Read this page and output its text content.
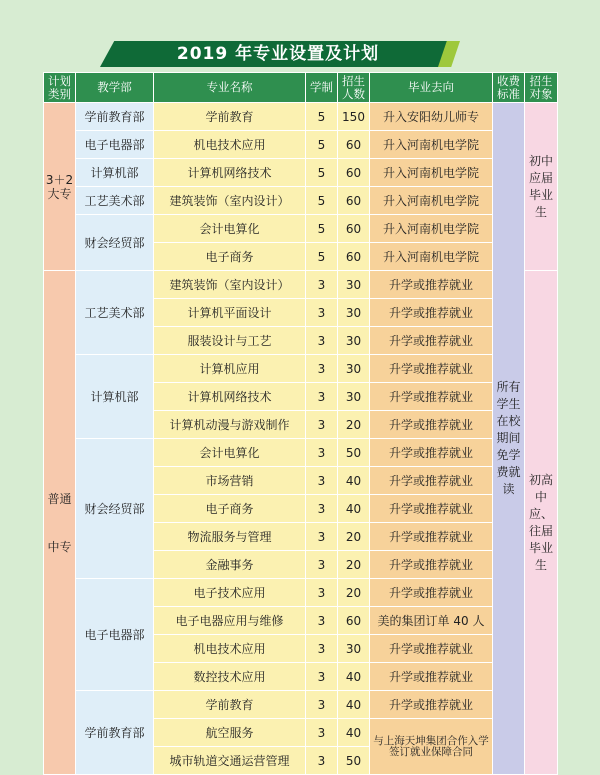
2019 年专业设置及计划
计划类别	教学部	专业名称	学制	招生人数	毕业去向	收费标准	招生对象
3＋2大专	学前教育部	学前教育	5	150	升入安阳幼儿师专	所有学生在校期间免学费就读	初中应届毕业生
	电子电器部	机电技术应用	5	60	升入河南机电学院		
	计算机部	计算机网络技术	5	60	升入河南机电学院		
	工艺美术部	建筑装饰（室内设计）	5	60	升入河南机电学院		
	财会经贸部	会计电算化	5	60	升入河南机电学院		
		电子商务	5	60	升入河南机电学院		
普通中专	工艺美术部	建筑装饰（室内设计）	3	30	升学或推荐就业		初高中应、往届毕业生
		计算机平面设计	3	30	升学或推荐就业		
		服装设计与工艺	3	30	升学或推荐就业		
	计算机部	计算机应用	3	30	升学或推荐就业		
		计算机网络技术	3	30	升学或推荐就业		
		计算机动漫与游戏制作	3	20	升学或推荐就业		
	财会经贸部	会计电算化	3	50	升学或推荐就业		
		市场营销	3	40	升学或推荐就业		
		电子商务	3	40	升学或推荐就业		
		物流服务与管理	3	20	升学或推荐就业		
		金融事务	3	20	升学或推荐就业		
	电子电器部	电子技术应用	3	20	升学或推荐就业		
		电子电器应用与维修	3	60	美的集团订单 40 人		
		机电技术应用	3	30	升学或推荐就业		
		数控技术应用	3	40	升学或推荐就业		
	学前教育部	学前教育	3	40	升学或推荐就业		
		航空服务	3	40	与上海天坤集团合作入学签订就业保障合同		
		城市轨道交通运营管理	3	50			
